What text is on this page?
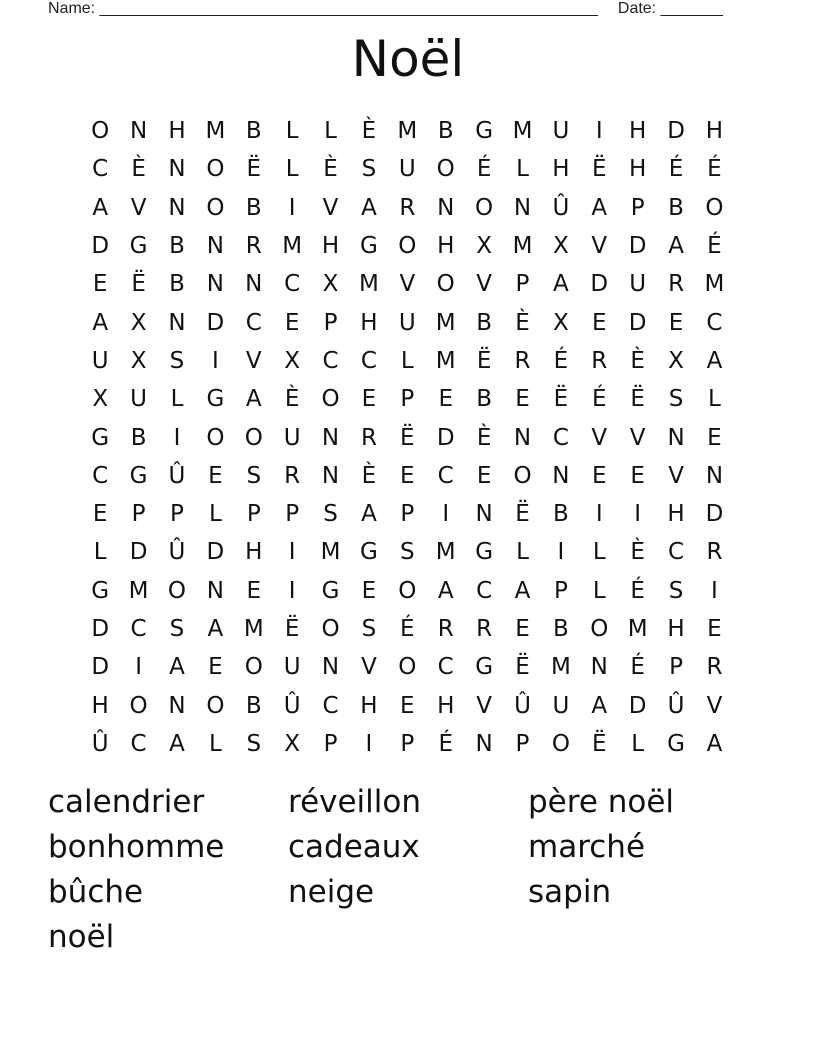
Name: ________________________________________________________ Date: _______
Noël
O N H M B	L	L	È M B G M U	I	H D H
C	È N O Ë	L	È	S U O É	L	H Ë H É	É
A V N O B	I	V A R N O N Û A	P	B O
D G B N R M H G O H X M X V D A	É
E	Ë	B N N C X M V O V	P	A D U R M
A X N D C	E	P H U M B	È	X	E D E	C
U X	S	I	V X C C	L M Ë	R	É	R	È	X A
X U	L	G A	È O E	P	E	B	E	Ë	É	Ë	S	L
G B	I	O O U N R	Ë D È N C V V N E
C G Û E	S	R N È	E	C	E O N E	E	V N
E	P	P	L	P	P	S	A	P	I	N Ë	B	I	I	H D
L	D Û D H	I	M G S M G	L	I	L	È	C R
G M O N E	I	G E O A C A	P	L	É	S	I
D C	S	A M Ë O S	É	R R	E	B O M H E
D	I	A	E O U N V O C G Ë M N É	P	R
H O N O B Û C H E H V Û U A D Û V
Û C A	L	S	X	P	I	P	É N P O Ë	L	G A
calendrier	réveillon	père noël
bonhomme	cadeaux	marché
bûche	neige	sapin
noël
